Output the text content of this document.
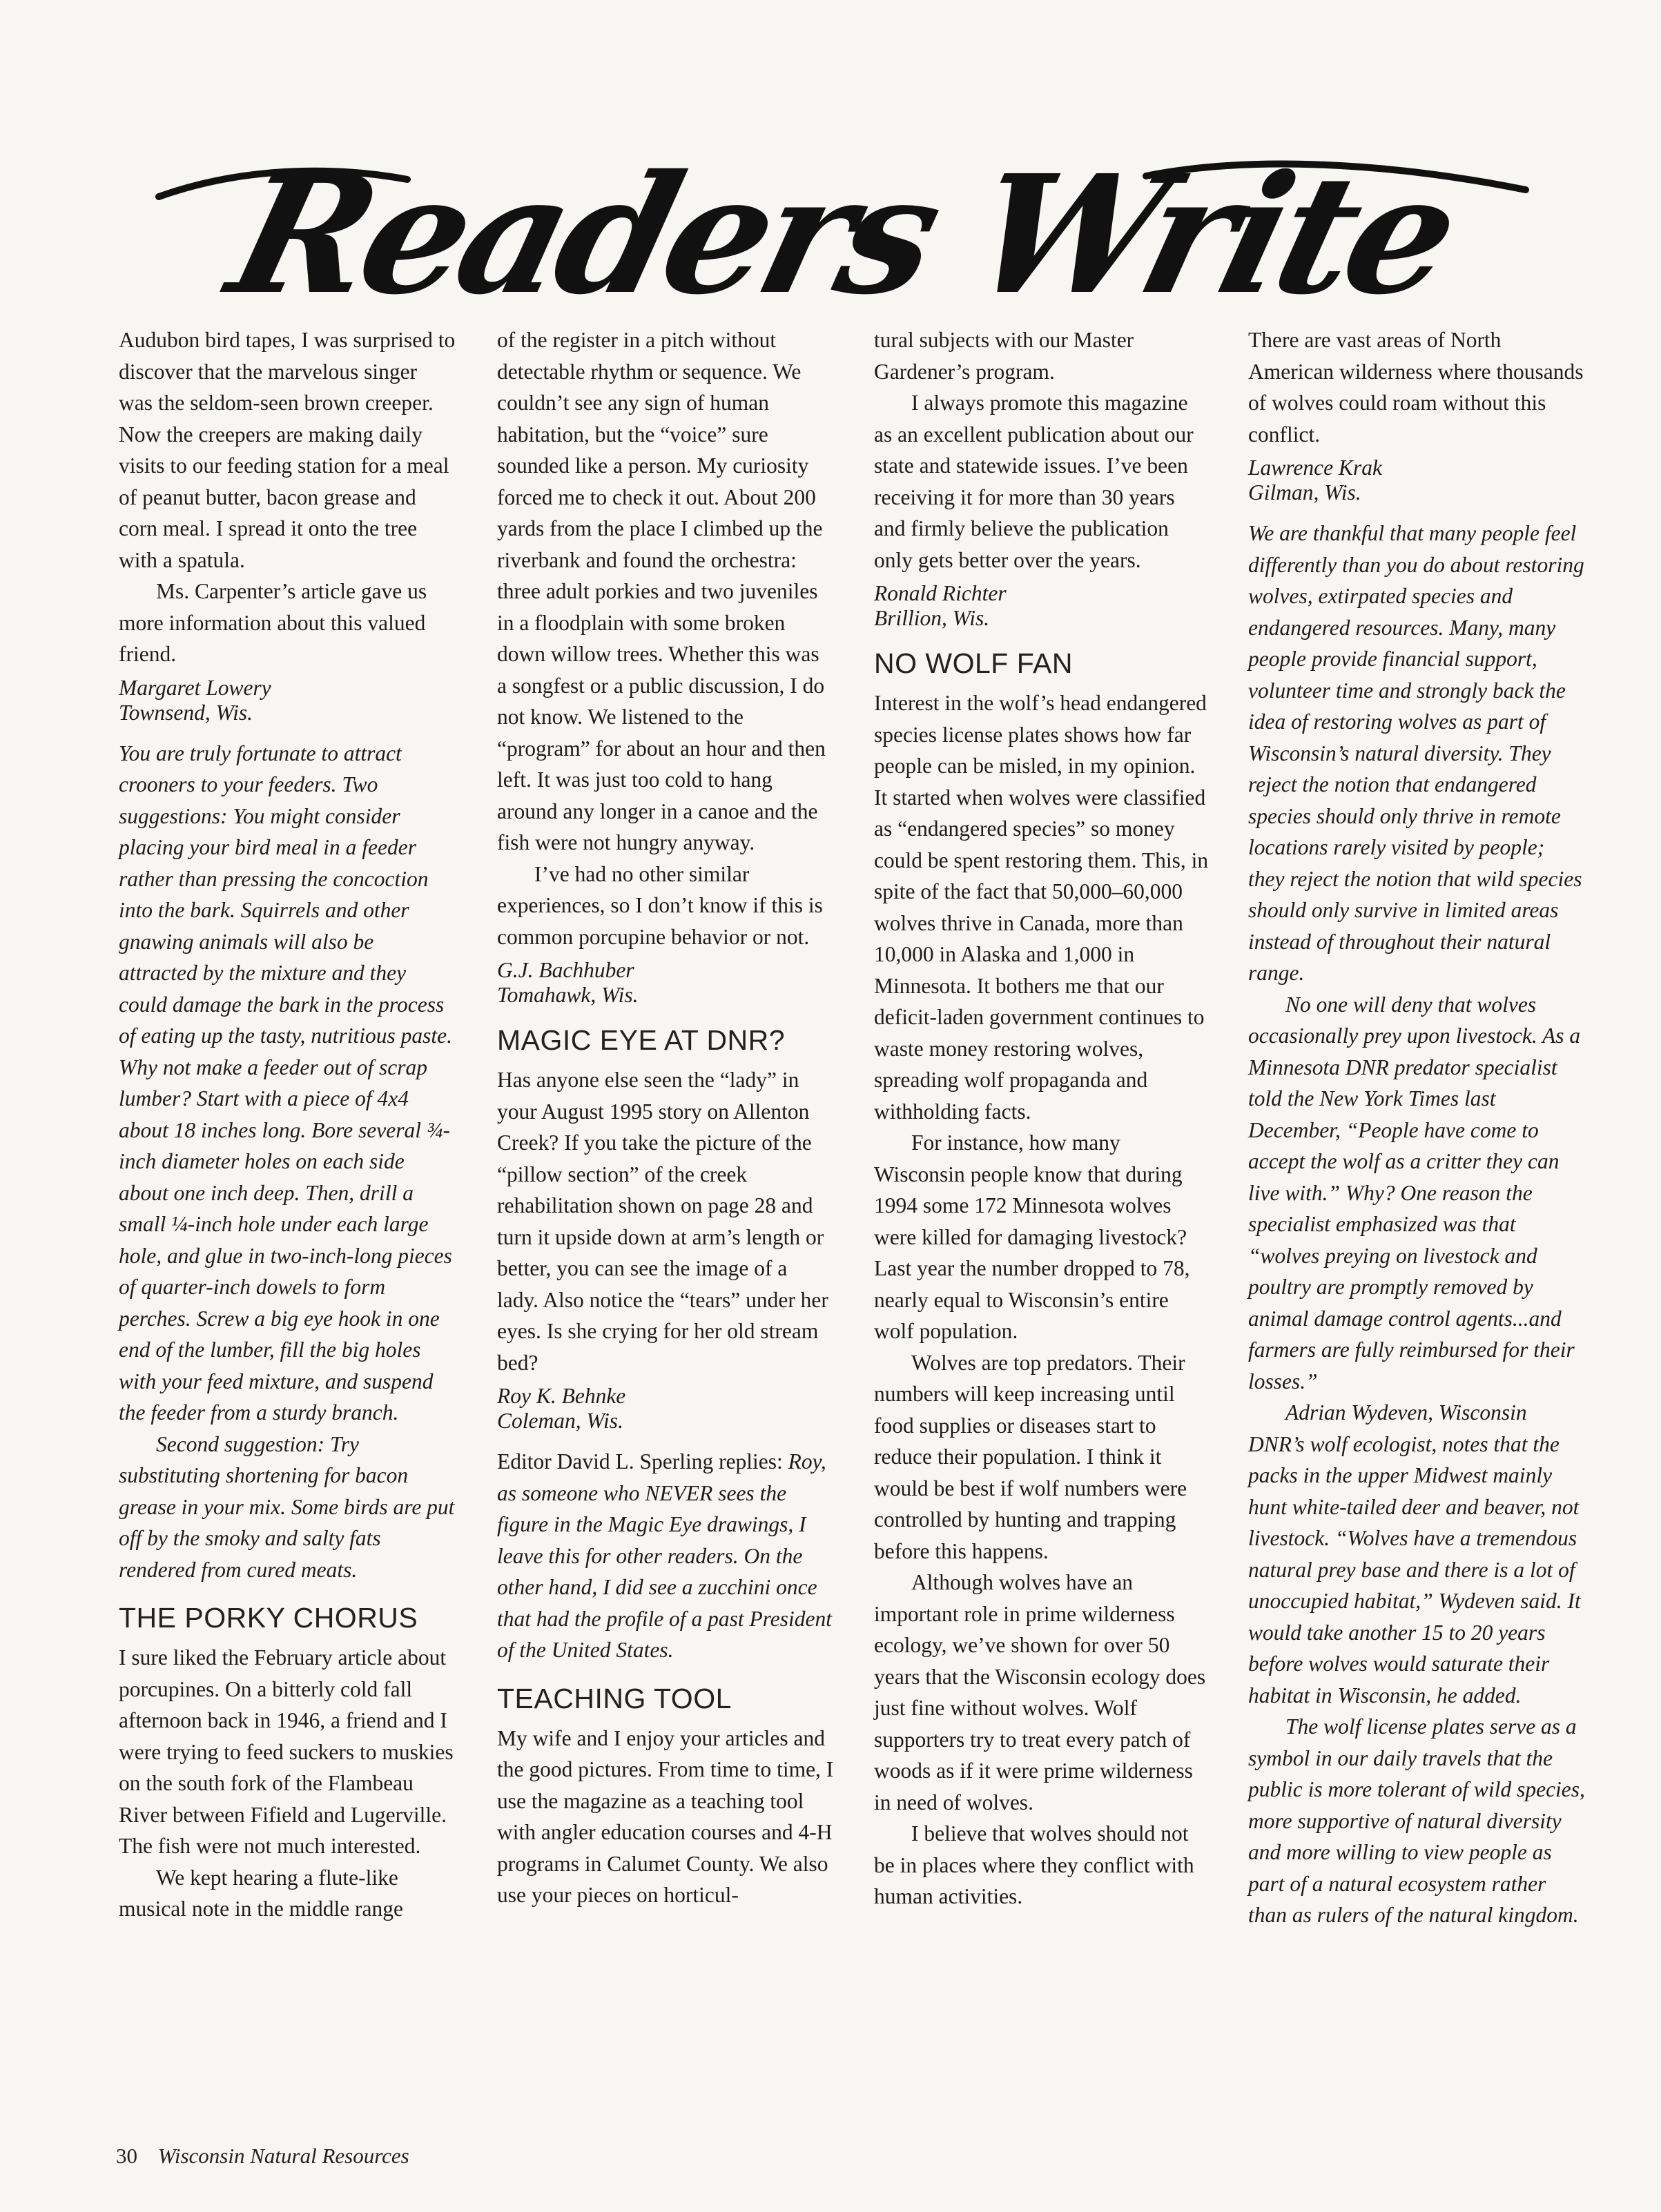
Readers Write

Audubon bird tapes, I was surprised to discover that the marvelous singer was the seldom-seen brown creeper. Now the creepers are making daily visits to our feeding station for a meal of peanut butter, bacon grease and corn meal. I spread it onto the tree with a spatula.

Ms. Carpenter’s article gave us more information about this valued friend.

Margaret Lowery
Townsend, Wis.

You are truly fortunate to attract crooners to your feeders. Two suggestions: You might consider placing your bird meal in a feeder rather than pressing the concoction into the bark. Squirrels and other gnawing animals will also be attracted by the mixture and they could damage the bark in the process of eating up the tasty, nutritious paste. Why not make a feeder out of scrap lumber? Start with a piece of 4x4 about 18 inches long. Bore several ¾-inch diameter holes on each side about one inch deep. Then, drill a small ¼-inch hole under each large hole, and glue in two-inch-long pieces of quarter-inch dowels to form perches. Screw a big eye hook in one end of the lumber, fill the big holes with your feed mixture, and suspend the feeder from a sturdy branch.

Second suggestion: Try substituting shortening for bacon grease in your mix. Some birds are put off by the smoky and salty fats rendered from cured meats.

THE PORKY CHORUS

I sure liked the February article about porcupines. On a bitterly cold fall afternoon back in 1946, a friend and I were trying to feed suckers to muskies on the south fork of the Flambeau River between Fifield and Lugerville. The fish were not much interested.

We kept hearing a flute-like musical note in the middle range

of the register in a pitch without detectable rhythm or sequence. We couldn’t see any sign of human habitation, but the “voice” sure sounded like a person. My curiosity forced me to check it out. About 200 yards from the place I climbed up the riverbank and found the orchestra: three adult porkies and two juveniles in a floodplain with some broken down willow trees. Whether this was a songfest or a public discussion, I do not know. We listened to the “program” for about an hour and then left. It was just too cold to hang around any longer in a canoe and the fish were not hungry anyway.

I’ve had no other similar experiences, so I don’t know if this is common porcupine behavior or not.

G.J. Bachhuber
Tomahawk, Wis.
MAGIC EYE AT DNR?

Has anyone else seen the “lady” in your August 1995 story on Allenton Creek? If you take the picture of the “pillow section” of the creek rehabilitation shown on page 28 and turn it upside down at arm’s length or better, you can see the image of a lady. Also notice the “tears” under her eyes. Is she crying for her old stream bed?

Roy K. Behnke
Coleman, Wis.

Editor David L. Sperling replies: Roy, as someone who NEVER sees the figure in the Magic Eye drawings, I leave this for other readers. On the other hand, I did see a zucchini once that had the profile of a past President of the United States.

TEACHING TOOL

My wife and I enjoy your articles and the good pictures. From time to time, I use the magazine as a teaching tool with angler education courses and 4-H programs in Calumet County. We also use your pieces on horticul-

tural subjects with our Master Gardener’s program.

I always promote this magazine as an excellent publication about our state and statewide issues. I’ve been receiving it for more than 30 years and firmly believe the publication only gets better over the years.

Ronald Richter
Brillion, Wis.
NO WOLF FAN

Interest in the wolf’s head endangered species license plates shows how far people can be misled, in my opinion. It started when wolves were classified as “endangered species” so money could be spent restoring them. This, in spite of the fact that 50,000–60,000 wolves thrive in Canada, more than 10,000 in Alaska and 1,000 in Minnesota. It bothers me that our deficit-laden government continues to waste money restoring wolves, spreading wolf propaganda and withholding facts.

For instance, how many Wisconsin people know that during 1994 some 172 Minnesota wolves were killed for damaging livestock? Last year the number dropped to 78, nearly equal to Wisconsin’s entire wolf population.

Wolves are top predators. Their numbers will keep increasing until food supplies or diseases start to reduce their population. I think it would be best if wolf numbers were controlled by hunting and trapping before this happens.

Although wolves have an important role in prime wilderness ecology, we’ve shown for over 50 years that the Wisconsin ecology does just fine without wolves. Wolf supporters try to treat every patch of woods as if it were prime wilderness in need of wolves.

I believe that wolves should not be in places where they conflict with human activities.

There are vast areas of North American wilderness where thousands of wolves could roam without this conflict.

Lawrence Krak
Gilman, Wis.

We are thankful that many people feel differently than you do about restoring wolves, extirpated species and endangered resources. Many, many people provide financial support, volunteer time and strongly back the idea of restoring wolves as part of Wisconsin’s natural diversity. They reject the notion that endangered species should only thrive in remote locations rarely visited by people; they reject the notion that wild species should only survive in limited areas instead of throughout their natural range.

No one will deny that wolves occasionally prey upon livestock. As a Minnesota DNR predator specialist told the New York Times last December, “People have come to accept the wolf as a critter they can live with.” Why? One reason the specialist emphasized was that “wolves preying on livestock and poultry are promptly removed by animal damage control agents...and farmers are fully reimbursed for their losses.”

Adrian Wydeven, Wisconsin DNR’s wolf ecologist, notes that the packs in the upper Midwest mainly hunt white-tailed deer and beaver, not livestock. “Wolves have a tremendous natural prey base and there is a lot of unoccupied habitat,” Wydeven said. It would take another 15 to 20 years before wolves would saturate their habitat in Wisconsin, he added.

The wolf license plates serve as a symbol in our daily travels that the public is more tolerant of wild species, more supportive of natural diversity and more willing to view people as part of a natural ecosystem rather than as rulers of the natural kingdom.

30 Wisconsin Natural Resources
